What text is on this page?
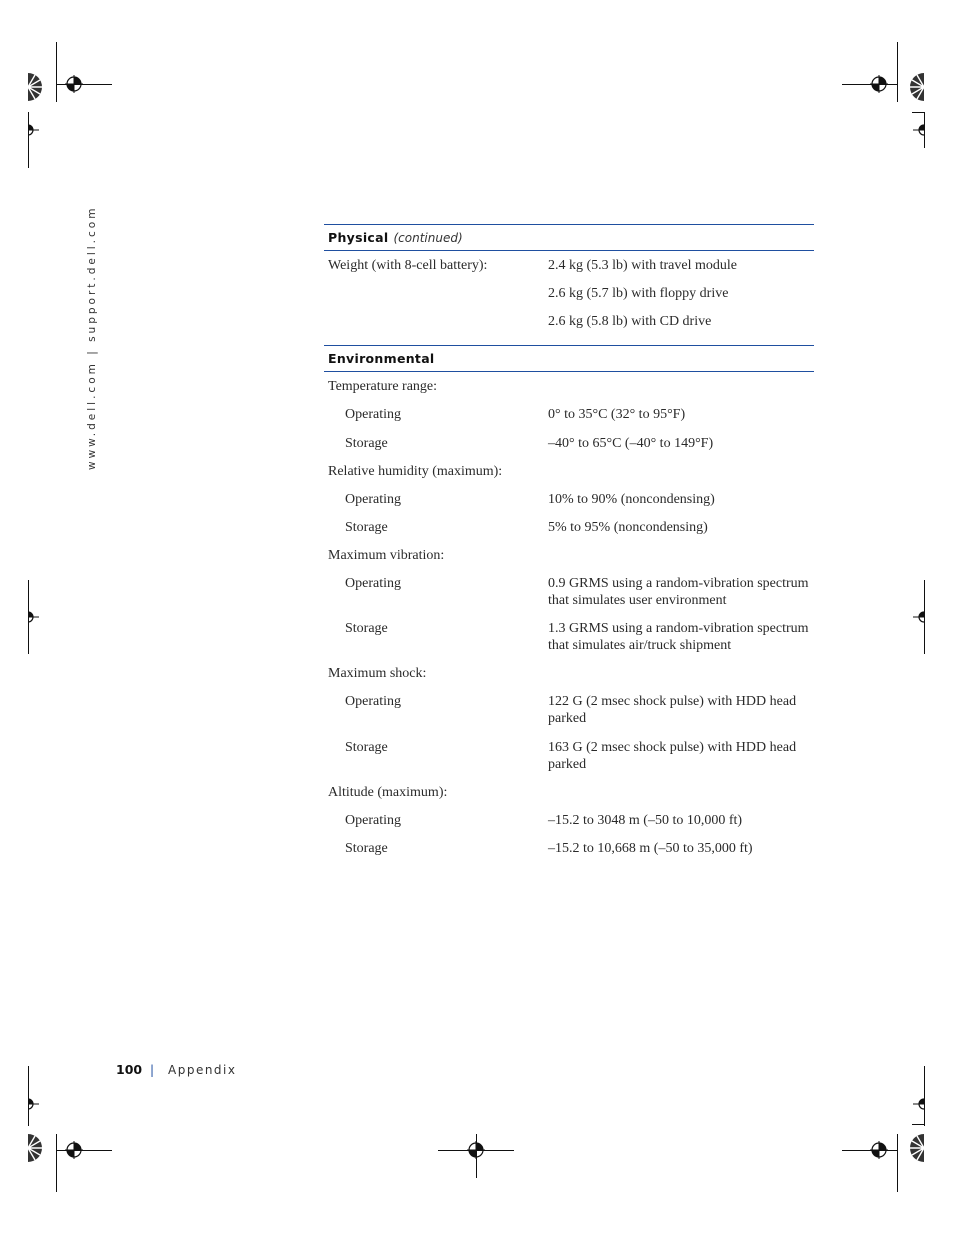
www.dell.com | support.dell.com	Physical (continued)
Weight (with 8-cell battery):	2.4 kg (5.3 lb) with travel module
2.6 kg (5.7 lb) with floppy drive
2.6 kg (5.8 lb) with CD drive
Environmental
Temperature range:
Operating	0° to 35°C (32° to 95°F)
Storage	–40° to 65°C (–40° to 149°F)
Relative humidity (maximum):
Operating	10% to 90% (noncondensing)
Storage	5% to 95% (noncondensing)
Maximum vibration:
Operating	0.9 GRMS using a random-vibration spectrum that simulates user environment
Storage	1.3 GRMS using a random-vibration spectrum that simulates air/truck shipment
Maximum shock:
Operating	122 G (2 msec shock pulse) with HDD head parked
Storage	163 G (2 msec shock pulse) with HDD head parked
Altitude (maximum):
Operating	–15.2 to 3048 m (–50 to 10,000 ft)
Storage	–15.2 to 10,668 m (–50 to 35,000 ft)
100 | Appendix
